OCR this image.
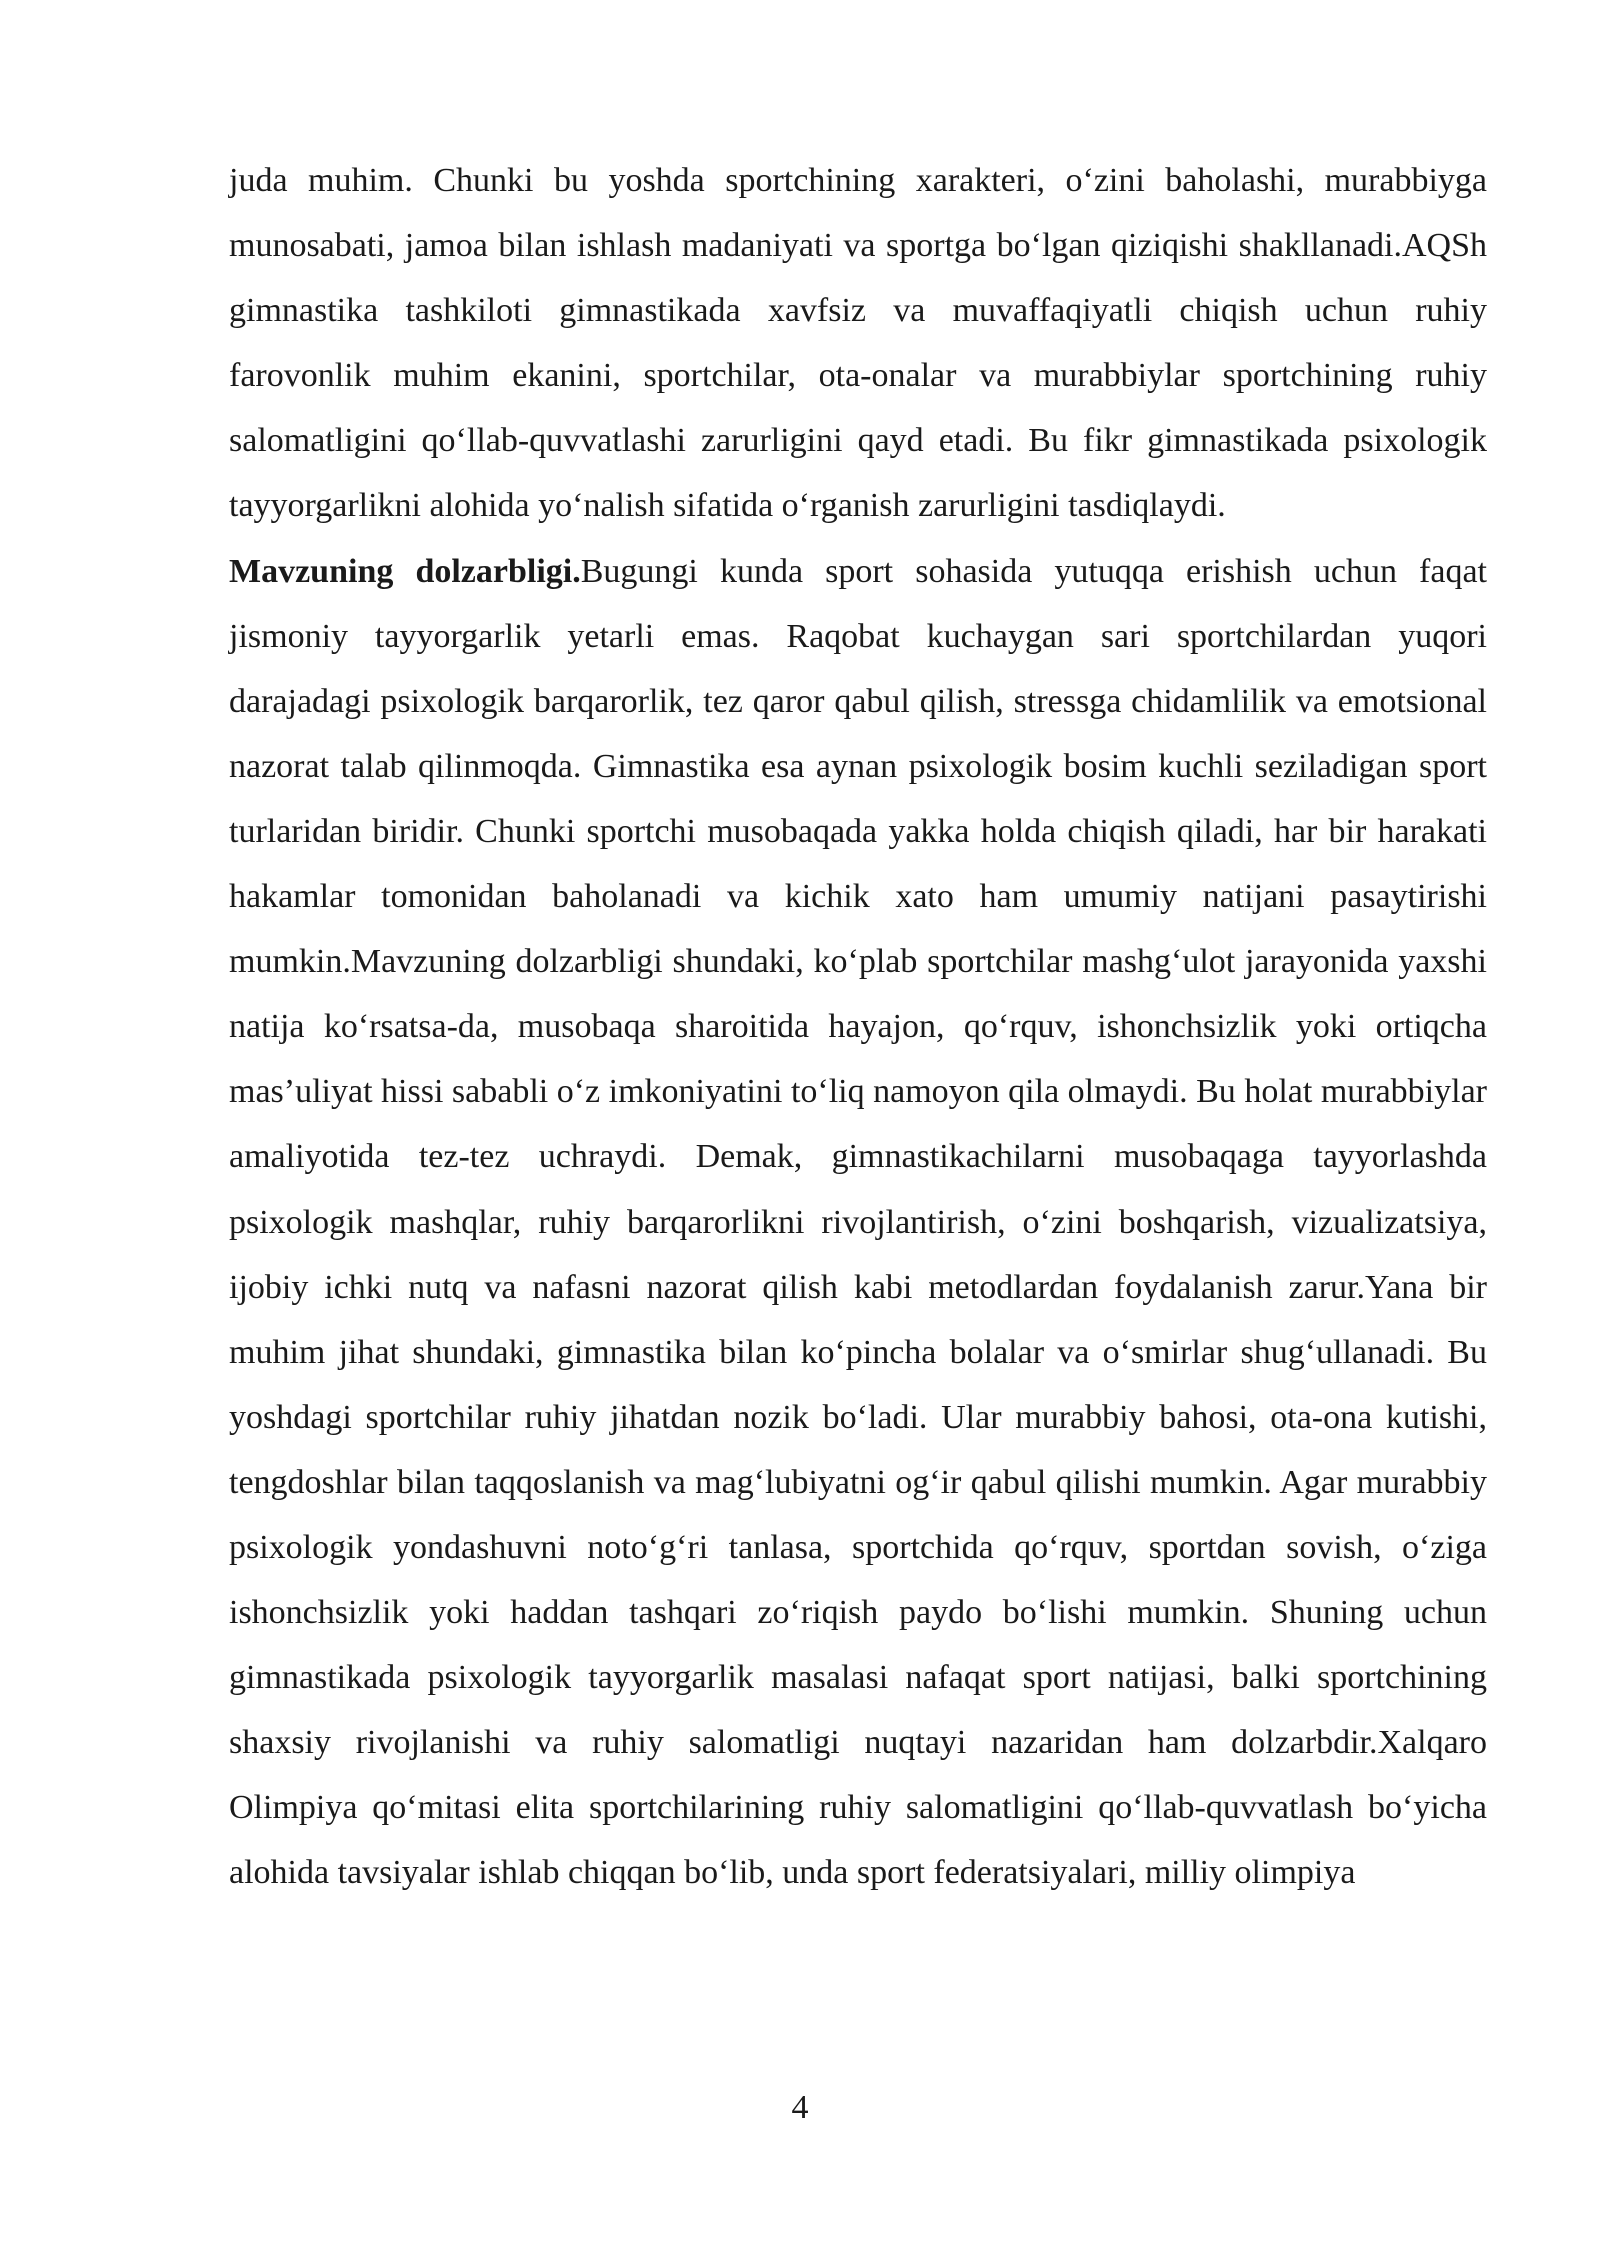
juda muhim. Chunki bu yoshda sportchining xarakteri, o‘zini baholashi, murabbiyga munosabati, jamoa bilan ishlash madaniyati va sportga bo‘lgan qiziqishi shakllanadi.AQSh gimnastika tashkiloti gimnastikada xavfsiz va muvaffaqiyatli chiqish uchun ruhiy farovonlik muhim ekanini, sportchilar, ota-onalar va murabbiylar sportchining ruhiy salomatligini qo‘llab-quvvatlashi zarurligini qayd etadi. Bu fikr gimnastikada psixologik tayyorgarlikni alohida yo‘nalish sifatida o‘rganish zarurligini tasdiqlaydi.

Mavzuning dolzarbligi.Bugungi kunda sport sohasida yutuqqa erishish uchun faqat jismoniy tayyorgarlik yetarli emas. Raqobat kuchaygan sari sportchilardan yuqori darajadagi psixologik barqarorlik, tez qaror qabul qilish, stressga chidamlilik va emotsional nazorat talab qilinmoqda. Gimnastika esa aynan psixologik bosim kuchli seziladigan sport turlaridan biridir. Chunki sportchi musobaqada yakka holda chiqish qiladi, har bir harakati hakamlar tomonidan baholanadi va kichik xato ham umumiy natijani pasaytirishi mumkin.Mavzuning dolzarbligi shundaki, ko‘plab sportchilar mashg‘ulot jarayonida yaxshi natija ko‘rsatsa-da, musobaqa sharoitida hayajon, qo‘rquv, ishonchsizlik yoki ortiqcha mas’uliyat hissi sababli o‘z imkoniyatini to‘liq namoyon qila olmaydi. Bu holat murabbiylar amaliyotida tez-tez uchraydi. Demak, gimnastikachilarni musobaqaga tayyorlashda psixologik mashqlar, ruhiy barqarorlikni rivojlantirish, o‘zini boshqarish, vizualizatsiya, ijobiy ichki nutq va nafasni nazorat qilish kabi metodlardan foydalanish zarur.Yana bir muhim jihat shundaki, gimnastika bilan ko‘pincha bolalar va o‘smirlar shug‘ullanadi. Bu yoshdagi sportchilar ruhiy jihatdan nozik bo‘ladi. Ular murabbiy bahosi, ota-ona kutishi, tengdoshlar bilan taqqoslanish va mag‘lubiyatni og‘ir qabul qilishi mumkin. Agar murabbiy psixologik yondashuvni noto‘g‘ri tanlasa, sportchida qo‘rquv, sportdan sovish, o‘ziga ishonchsizlik yoki haddan tashqari zo‘riqish paydo bo‘lishi mumkin. Shuning uchun gimnastikada psixologik tayyorgarlik masalasi nafaqat sport natijasi, balki sportchining shaxsiy rivojlanishi va ruhiy salomatligi nuqtayi nazaridan ham dolzarbdir.Xalqaro Olimpiya qo‘mitasi elita sportchilarining ruhiy salomatligini qo‘llab-quvvatlash bo‘yicha alohida tavsiyalar ishlab chiqqan bo‘lib, unda sport federatsiyalari, milliy olimpiya

4
